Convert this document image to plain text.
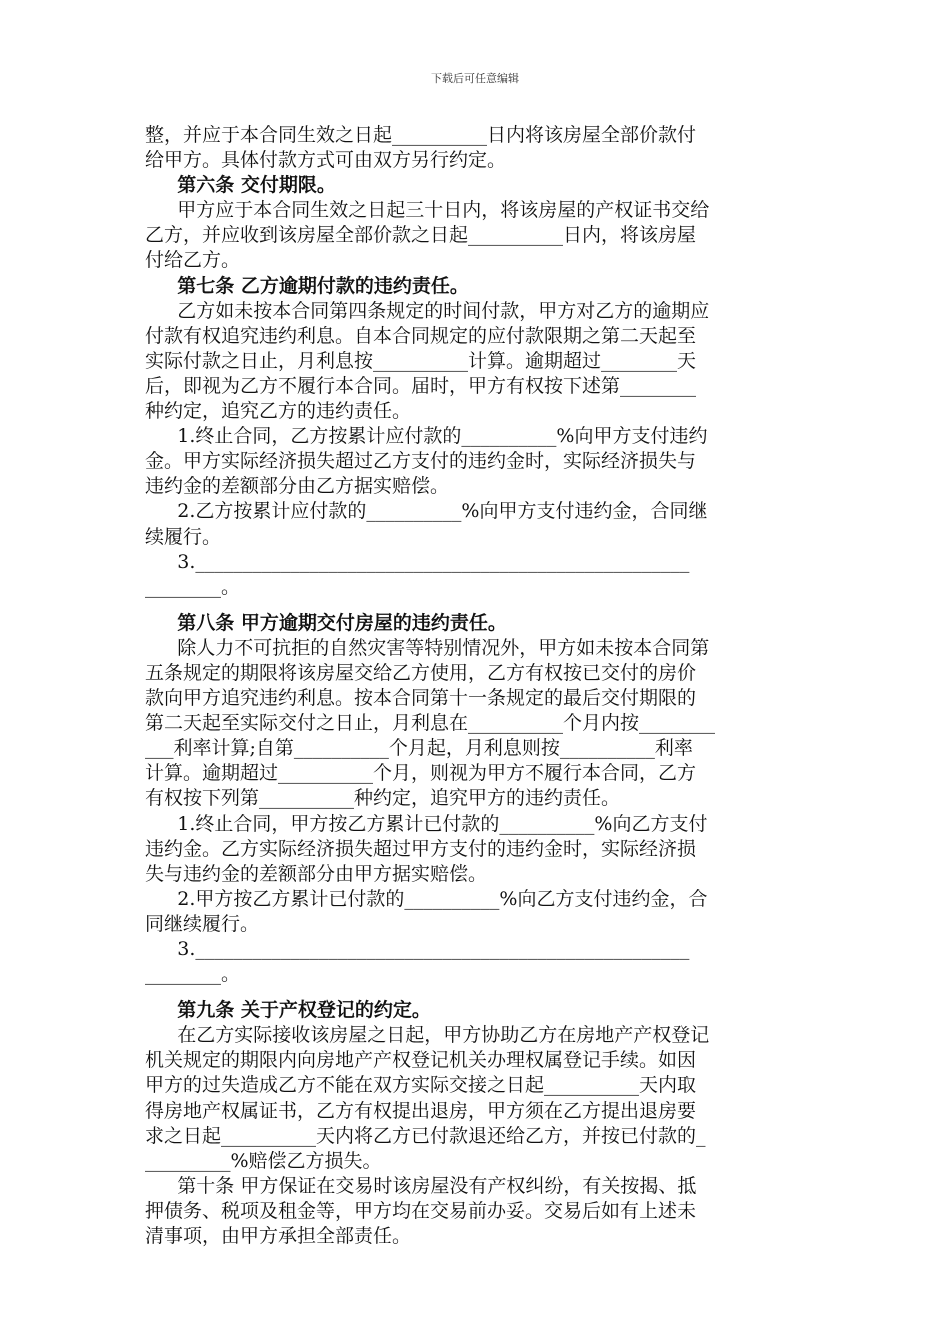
下载后可任意编辑
整，并应于本合同生效之日起__________日内将该房屋全部价款付
给甲方。具体付款方式可由双方另行约定。
第六条 交付期限。
甲方应于本合同生效之日起三十日内，将该房屋的产权证书交给
乙方，并应收到该房屋全部价款之日起__________日内，将该房屋
付给乙方。
第七条 乙方逾期付款的违约责任。
乙方如未按本合同第四条规定的时间付款，甲方对乙方的逾期应
付款有权追究违约利息。自本合同规定的应付款限期之第二天起至
实际付款之日止，月利息按__________计算。逾期超过________天
后，即视为乙方不履行本合同。届时，甲方有权按下述第________
种约定，追究乙方的违约责任。
1.终止合同，乙方按累计应付款的__________%向甲方支付违约
金。甲方实际经济损失超过乙方支付的违约金时，实际经济损失与
违约金的差额部分由乙方据实赔偿。
2.乙方按累计应付款的__________%向甲方支付违约金，合同继
续履行。
3.____________________________________________________
________。
第八条 甲方逾期交付房屋的违约责任。
除人力不可抗拒的自然灾害等特别情况外，甲方如未按本合同第
五条规定的期限将该房屋交给乙方使用，乙方有权按已交付的房价
款向甲方追究违约利息。按本合同第十一条规定的最后交付期限的
第二天起至实际交付之日止，月利息在__________个月内按________
___利率计算;自第__________个月起，月利息则按__________利率
计算。逾期超过__________个月，则视为甲方不履行本合同，乙方
有权按下列第__________种约定，追究甲方的违约责任。
1.终止合同，甲方按乙方累计已付款的__________%向乙方支付
违约金。乙方实际经济损失超过甲方支付的违约金时，实际经济损
失与违约金的差额部分由甲方据实赔偿。
2.甲方按乙方累计已付款的__________%向乙方支付违约金，合
同继续履行。
3.____________________________________________________
________。
第九条 关于产权登记的约定。
在乙方实际接收该房屋之日起，甲方协助乙方在房地产产权登记
机关规定的期限内向房地产产权登记机关办理权属登记手续。如因
甲方的过失造成乙方不能在双方实际交接之日起__________天内取
得房地产权属证书，乙方有权提出退房，甲方须在乙方提出退房要
求之日起__________天内将乙方已付款退还给乙方，并按已付款的_
_________%赔偿乙方损失。
第十条 甲方保证在交易时该房屋没有产权纠纷，有关按揭、抵
押债务、税项及租金等，甲方均在交易前办妥。交易后如有上述未
清事项，由甲方承担全部责任。
